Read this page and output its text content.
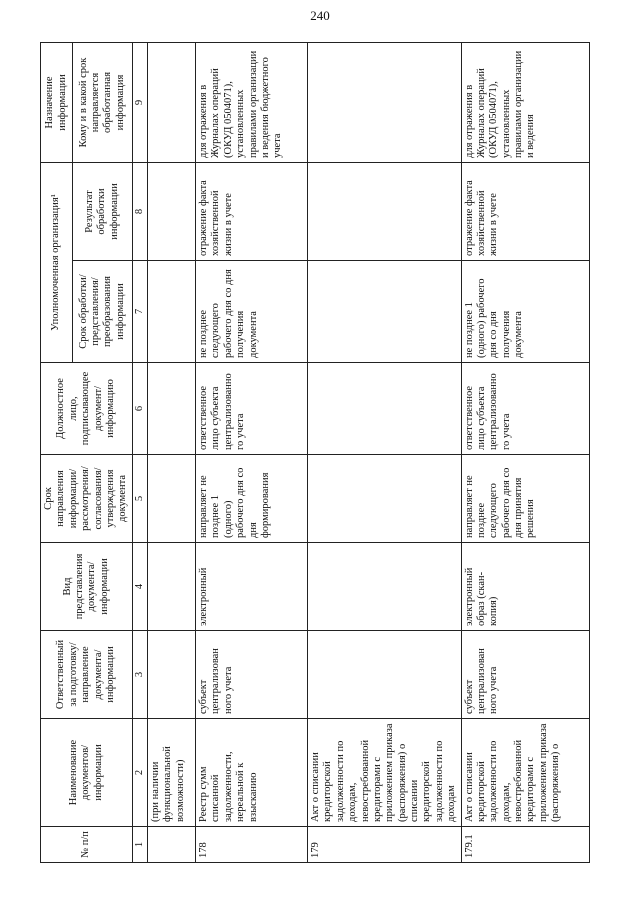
240
№ п/п	Наименование документов/ информации	Ответственный за подготовку/ направление документа/ информации	Вид представления документа/ информации	Срок направления информации/ рассмотрения/ согласования/ утверждения документа	Должностное лицо, подписывающее документ/ информацию	Уполномоченная организация¹		Назначение информации
						Срок обработки/ представления/ преобразования информации	Результат обработки информации	Кому и в какой срок направляется обработанная информация
1	2	3	4	5	6	7	8	9
	(при наличии функциональной возможности)							
178	Реестр сумм списанной задолженности, нереальной к взысканию	субъект централизован ного учета	электронный	направляет не позднее 1 (одного) рабочего дня со дня формирования	ответственное лицо субъекта централизованно го учета	не позднее следующего рабочего дня со дня получения документа	отражение факта хозяйственной жизни в учете	для отражения в Журналах операций (ОКУД 0504071), установленных правилами организации и ведения бюджетного учета
179	Акт о списании кредиторской задолженности по доходам, невостребованной кредиторами с приложением приказа (распоряжения) о списании кредиторской задолженности по доходам							
179.1	Акт о списании кредиторской задолженности по доходам, невостребованной кредиторами с приложением приказа (распоряжения) о	субъект централизован ного учета	электронный образ (скан-копия)	направляет не позднее следующего рабочего дня со дня принятия решения	ответственное лицо субъекта централизованно го учета	не позднее 1 (одного) рабочего дня со дня получения документа	отражение факта хозяйственной жизни в учете	для отражения в Журналах операций (ОКУД 0504071), установленных правилами организации и ведения
